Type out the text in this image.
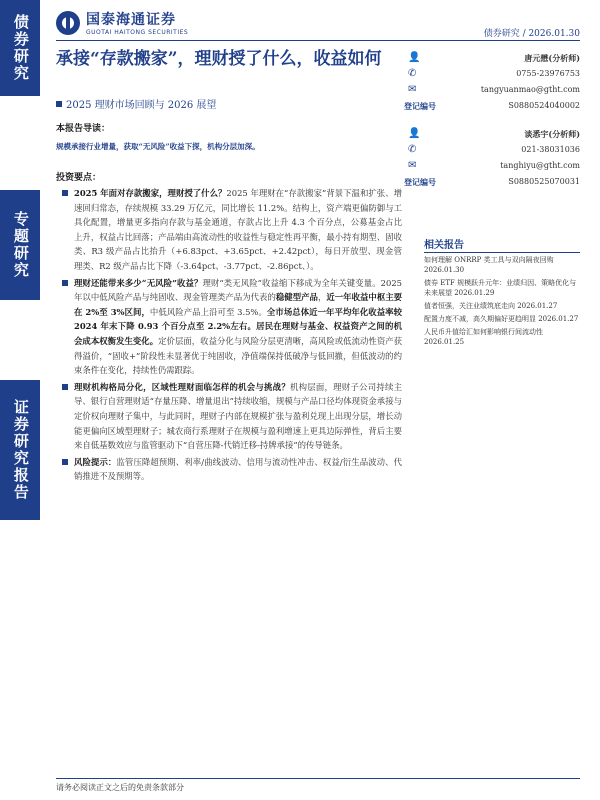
债券研究
专题研究
证券研究报告
国泰海通证券
GUOTAI HAITONG SECURITIES	债券研究 / 2026.01.30
承接“存款搬家”，理财授了什么，收益如何
2025 理财市场回顾与 2026 展望
👤	唐元懋(分析师)
✆	0755-23976753
✉	tangyuanmao@gtht.com
登记编号	S0880524040002
👤	谈悉宇(分析师)
✆	021-38031036
✉	tanghiyu@gtht.com
登记编号	S0880525070031
相关报告
如何理解 ONRRP 类工具与双向隔夜回购 2026.01.30
债券 ETF 规模跃升元年：业绩归因、策略优化与未来展望 2026.01.29
值者恒强，关注业绩筑底走向 2026.01.27
配置力度不减，高久期偏好更趋明显 2026.01.27
人民币升值给汇如何影响银行间流动性 2026.01.25
本报告导读：
规模承接行业增量，获取“无风险”收益下探，机构分层加深。
投资要点：
2025 年面对存款搬家，理财授了什么？2025 年理财在“存款搬家”背景下温和扩张、增速回归常态，存续规模 33.29 万亿元，同比增长 11.2%。结构上，资产端更偏防御与工具化配置，增量更多指向存款与基金通道，存款占比上升 4.3 个百分点，公募基金占比上升，权益占比回落；产品端由高流动性的收益性与稳定性再平衡，最小持有期型、固收类、R3 级产品占比抬升（+6.83pct、+3.65pct、+2.42pct），每日开放型、现金管理类、R2 级产品占比下降（-3.64pct、-3.77pct、-2.86pct、）。
理财还能带来多少“无风险”收益？理财“类无风险”收益缩下移成为全年关键变量。2025 年以中低风险产品与纯固收、现金管理类产品为代表的稳健型产品，近一年收益中枢主要在 2%至 3%区间，中低风险产品上沿可至 3.5%。全市场总体近一年平均年化收益率较 2024 年末下降 0.93 个百分点至 2.2%左右。居民在理财与基金、权益资产之间的机会成本权衡发生变化。定价层面，收益分化与风险分层更清晰，高风险或低流动性资产获得溢价，“固收+”阶段性未显著优于纯固收，净值端保持低破净与低回撤，但低波动的约束条件在变化，持续性仍需跟踪。
理财机构格局分化，区域性理财面临怎样的机会与挑战？机构层面，理财子公司持续主导、银行自营理财适“存量压降、增量退出”持续收缩，规模与产品口径均体现资金承接与定价权向理财子集中，与此同时，理财子内部在规模扩张与盈利兑现上出现分层，增长动能更偏向区域型理财子；城农商行系理财子在规模与盈利增速上更具边际弹性，背后主要来自低基数效应与监管驱动下“自营压降-代销迁移-持牌承接”的传导链条。
风险提示：监管压降超预期、利率/曲线波动、信用与流动性冲击、权益/衍生品波动、代销推进不及预期等。
请务必阅读正文之后的免责条款部分
